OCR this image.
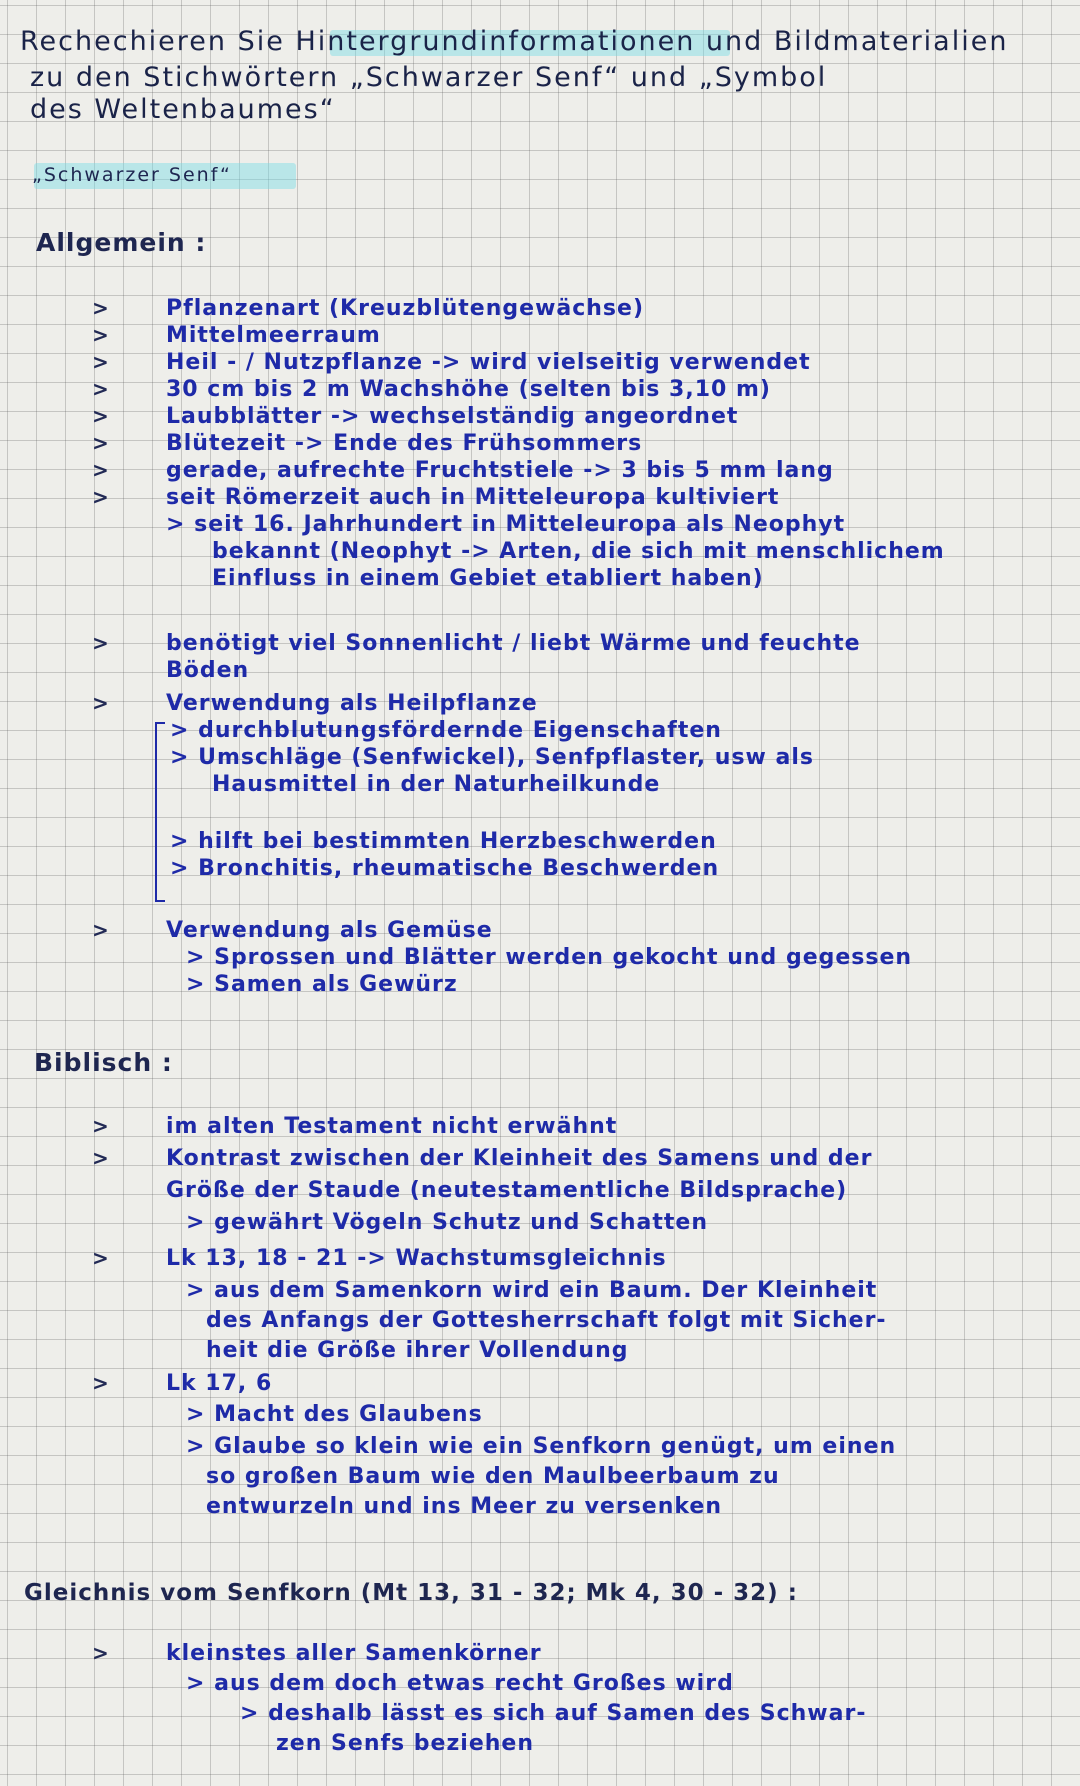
Rechechieren Sie Hintergrundinformationen und Bildmaterialien
zu den Stichwörtern „Schwarzer Senf“ und „Symbol
des Weltenbaumes“
„Schwarzer Senf“
Allgemein :
>
>
>
>
>
>
>
>
>
>
>
Pflanzenart (Kreuzblütengewächse)
Mittelmeerraum
Heil - / Nutzpflanze -> wird vielseitig verwendet
30 cm bis 2 m Wachshöhe (selten bis 3,10 m)
Laubblätter -> wechselständig angeordnet
Blütezeit -> Ende des Frühsommers
gerade, aufrechte Fruchtstiele -> 3 bis 5 mm lang
seit Römerzeit auch in Mitteleuropa kultiviert
> seit 16. Jahrhundert in Mitteleuropa als Neophyt
bekannt (Neophyt -> Arten, die sich mit menschlichem
Einfluss in einem Gebiet etabliert haben)
benötigt viel Sonnenlicht / liebt Wärme und feuchte
Böden
Verwendung als Heilpflanze
> durchblutungsfördernde Eigenschaften
> Umschläge (Senfwickel), Senfpflaster, usw als
Hausmittel in der Naturheilkunde
> hilft bei bestimmten Herzbeschwerden
> Bronchitis, rheumatische Beschwerden
Verwendung als Gemüse
> Sprossen und Blätter werden gekocht und gegessen
> Samen als Gewürz
Biblisch :
>
>
>
>
im alten Testament nicht erwähnt
Kontrast zwischen der Kleinheit des Samens und der
Größe der Staude (neutestamentliche Bildsprache)
> gewährt Vögeln Schutz und Schatten
Lk 13, 18 - 21 -> Wachstumsgleichnis
> aus dem Samenkorn wird ein Baum. Der Kleinheit
des Anfangs der Gottesherrschaft folgt mit Sicher-
heit die Größe ihrer Vollendung
Lk 17, 6
> Macht des Glaubens
> Glaube so klein wie ein Senfkorn genügt, um einen
so großen Baum wie den Maulbeerbaum zu
entwurzeln und ins Meer zu versenken
Gleichnis vom Senfkorn (Mt 13, 31 - 32; Mk 4, 30 - 32) :
>	kleinstes aller Samenkörner
> aus dem doch etwas recht Großes wird
> deshalb lässt es sich auf Samen des Schwar-
zen Senfs beziehen
